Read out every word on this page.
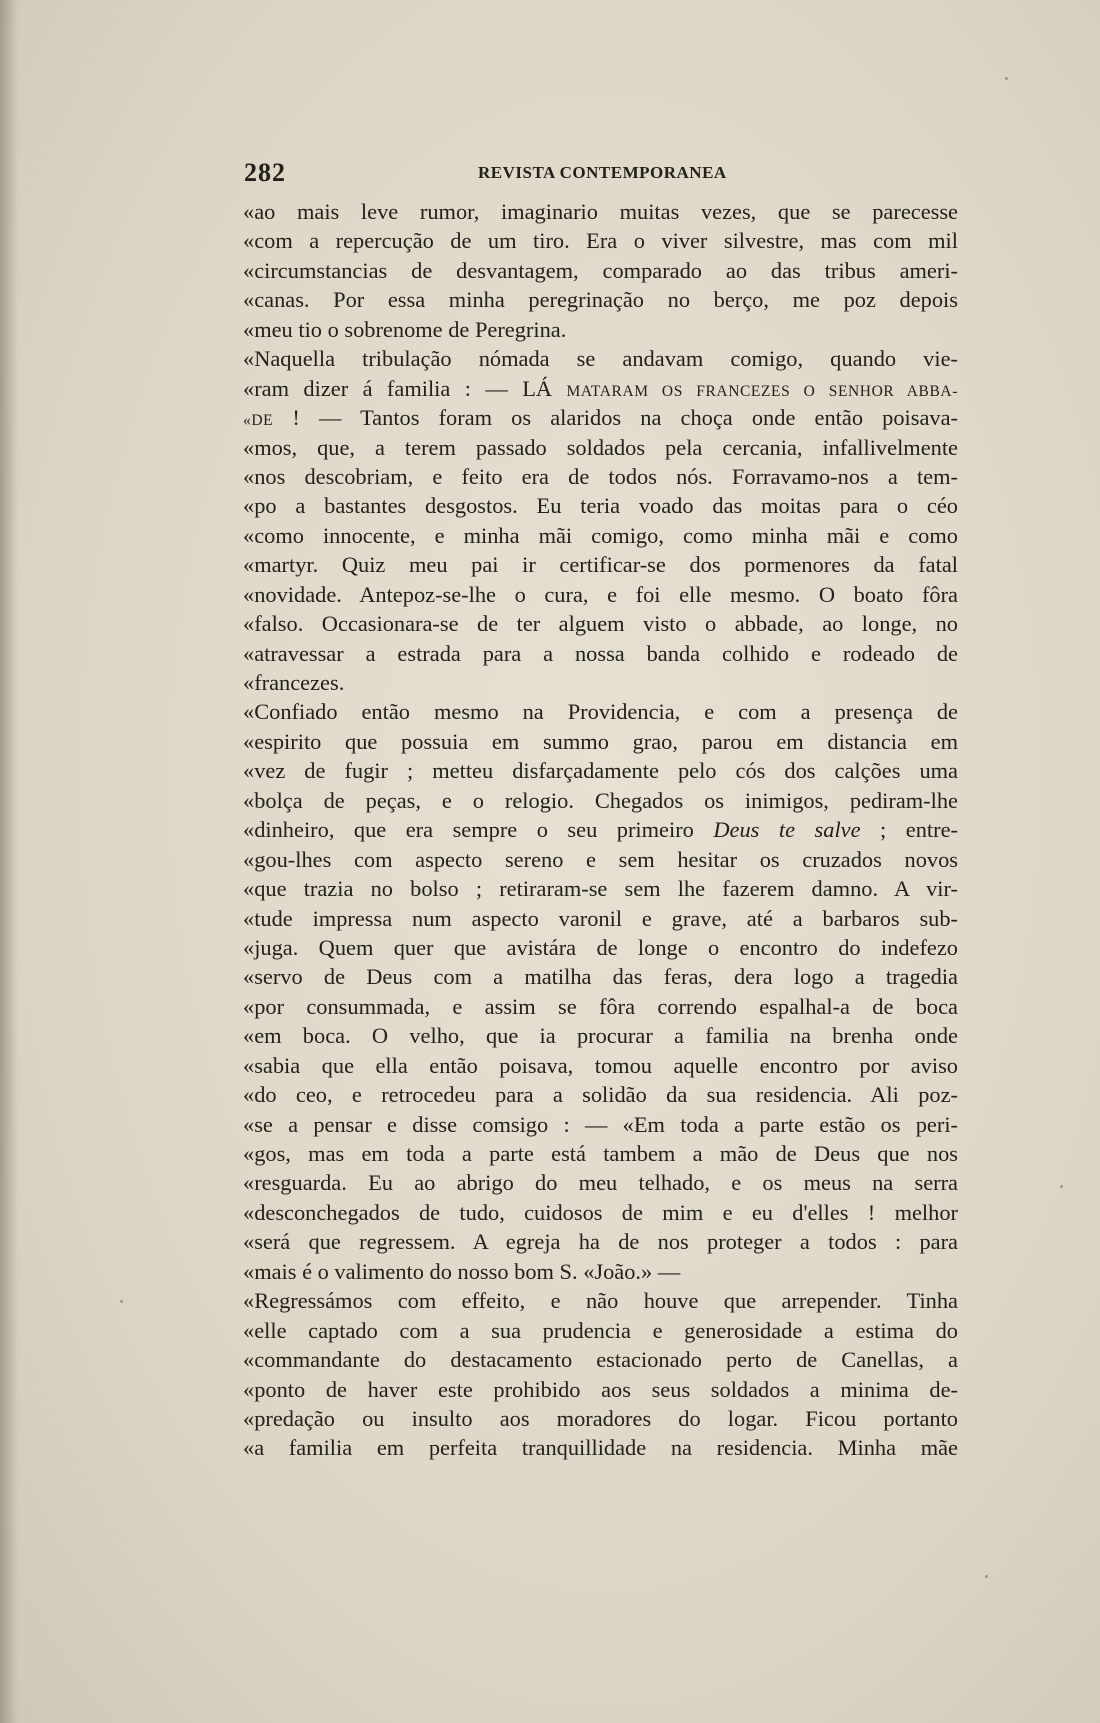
282	REVISTA CONTEMPORANEA
«ao mais leve rumor, imaginario muitas vezes, que se parecesse
«com a repercução de um tiro. Era o viver silvestre, mas com mil
«circumstancias de desvantagem, comparado ao das tribus ameri-
«canas. Por essa minha peregrinação no berço, me poz depois
«meu tio o sobrenome de Peregrina.
«Naquella tribulação nómada se andavam comigo, quando vie-
«ram dizer á familia : — LÁ MATARAM OS FRANCEZES O SENHOR ABBA-
«DE ! — Tantos foram os alaridos na choça onde então poisava-
«mos, que, a terem passado soldados pela cercania, infallivelmente
«nos descobriam, e feito era de todos nós. Forravamo-nos a tem-
«po a bastantes desgostos. Eu teria voado das moitas para o céo
«como innocente, e minha mãi comigo, como minha mãi e como
«martyr. Quiz meu pai ir certificar-se dos pormenores da fatal
«novidade. Antepoz-se-lhe o cura, e foi elle mesmo. O boato fôra
«falso. Occasionara-se de ter alguem visto o abbade, ao longe, no
«atravessar a estrada para a nossa banda colhido e rodeado de
«francezes.
«Confiado então mesmo na Providencia, e com a presença de
«espirito que possuia em summo grao, parou em distancia em
«vez de fugir ; metteu disfarçadamente pelo cós dos calções uma
«bolça de peças, e o relogio. Chegados os inimigos, pediram-lhe
«dinheiro, que era sempre o seu primeiro Deus te salve ; entre-
«gou-lhes com aspecto sereno e sem hesitar os cruzados novos
«que trazia no bolso ; retiraram-se sem lhe fazerem damno. A vir-
«tude impressa num aspecto varonil e grave, até a barbaros sub-
«juga. Quem quer que avistára de longe o encontro do indefezo
«servo de Deus com a matilha das feras, dera logo a tragedia
«por consummada, e assim se fôra correndo espalhal-a de boca
«em boca. O velho, que ia procurar a familia na brenha onde
«sabia que ella então poisava, tomou aquelle encontro por aviso
«do ceo, e retrocedeu para a solidão da sua residencia. Ali poz-
«se a pensar e disse comsigo : — «Em toda a parte estão os peri-
«gos, mas em toda a parte está tambem a mão de Deus que nos
«resguarda. Eu ao abrigo do meu telhado, e os meus na serra
«desconchegados de tudo, cuidosos de mim e eu d'elles ! melhor
«será que regressem. A egreja ha de nos proteger a todos : para
«mais é o valimento do nosso bom S. «João.» —
«Regressámos com effeito, e não houve que arrepender. Tinha
«elle captado com a sua prudencia e generosidade a estima do
«commandante do destacamento estacionado perto de Canellas, a
«ponto de haver este prohibido aos seus soldados a minima de-
«predação ou insulto aos moradores do logar. Ficou portanto
«a familia em perfeita tranquillidade na residencia. Minha mãe
